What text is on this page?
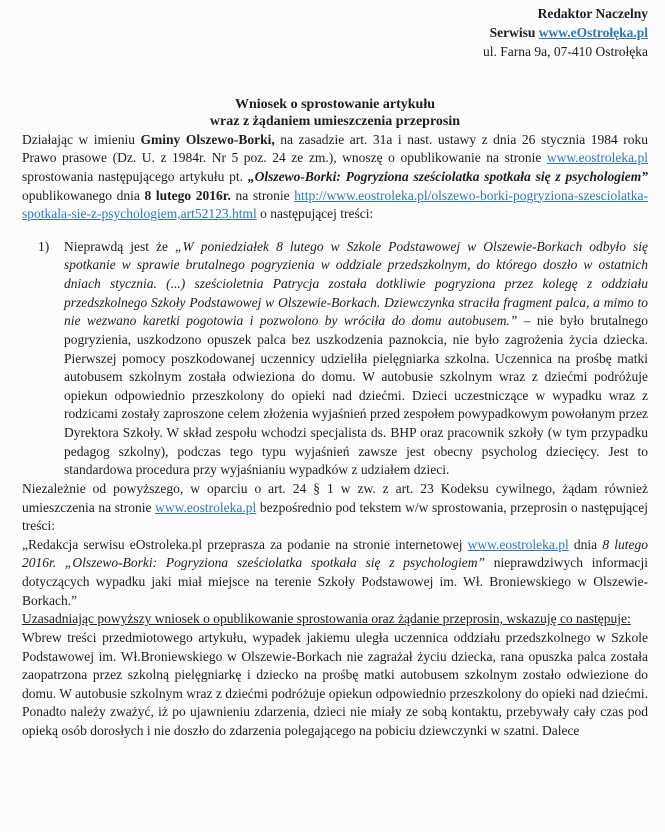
Redaktor Naczelny
Serwisu www.eOstrołęka.pl
ul. Farna 9a, 07-410 Ostrołęka
Wniosek o sprostowanie artykułu
wraz z żądaniem umieszczenia przeprosin

Działając w imieniu Gminy Olszewo-Borki, na zasadzie art. 31a i nast. ustawy z dnia 26 stycznia 1984 roku Prawo prasowe (Dz. U. z 1984r. Nr 5 poz. 24 ze zm.), wnoszę o opublikowanie na stronie www.eostroleka.pl sprostowania następującego artykułu pt. „Olszewo-Borki: Pogryziona sześciolatka spotkała się z psychologiem” opublikowanego dnia 8 lutego 2016r. na stronie http://www.eostroleka.pl/olszewo-borki-pogryziona-szesciolatka-spotkala-sie-z-psychologiem,art52123.html o następującej treści:

1)	Nieprawdą jest że „W poniedziałek 8 lutego w Szkole Podstawowej w Olszewie-Borkach odbyło się spotkanie w sprawie brutalnego pogryzienia w oddziale przedszkolnym, do którego doszło w ostatnich dniach stycznia. (...) sześcioletnia Patrycja została dotkliwie pogryziona przez kolegę z oddziału przedszkolnego Szkoły Podstawowej w Olszewie-Borkach. Dziewczynka straciła fragment palca, a mimo to nie wezwano karetki pogotowia i pozwolono by wróciła do domu autobusem.” – nie było brutalnego pogryzienia, uszkodzono opuszek palca bez uszkodzenia paznokcia, nie było zagrożenia życia dziecka. Pierwszej pomocy poszkodowanej uczennicy udzieliła pielęgniarka szkolna. Uczennica na prośbę matki autobusem szkolnym została odwieziona do domu. W autobusie szkolnym wraz z dziećmi podróżuje opiekun odpowiednio przeszkolony do opieki nad dziećmi. Dzieci uczestniczące w wypadku wraz z rodzicami zostały zaproszone celem złożenia wyjaśnień przed zespołem powypadkowym powołanym przez Dyrektora Szkoły. W skład zespołu wchodzi specjalista ds. BHP oraz pracownik szkoły (w tym przypadku pedagog szkolny), podczas tego typu wyjaśnień zawsze jest obecny psycholog dziecięcy. Jest to standardowa procedura przy wyjaśnianiu wypadków z udziałem dzieci.

Niezależnie od powyższego, w oparciu o art. 24 § 1 w zw. z art. 23 Kodeksu cywilnego, żądam również umieszczenia na stronie www.eostroleka.pl bezpośrednio pod tekstem w/w sprostowania, przeprosin o następującej treści:

„Redakcja serwisu eOstroleka.pl przeprasza za podanie na stronie internetowej www.eostroleka.pl dnia 8 lutego 2016r. „Olszewo-Borki: Pogryziona sześciolatka spotkała się z psychologiem” nieprawdziwych informacji dotyczących wypadku jaki miał miejsce na terenie Szkoły Podstawowej im. Wł. Broniewskiego w Olszewie-Borkach.”

Uzasadniając powyższy wniosek o opublikowanie sprostowania oraz żądanie przeprosin, wskazuję co następuje:

Wbrew treści przedmiotowego artykułu, wypadek jakiemu uległa uczennica oddziału przedszkolnego w Szkole Podstawowej im. Wł.Broniewskiego w Olszewie-Borkach nie zagrażał życiu dziecka, rana opuszka palca została zaopatrzona przez szkolną pielęgniarkę i dziecko na prośbę matki autobusem szkolnym zostało odwiezione do domu. W autobusie szkolnym wraz z dziećmi podróżuje opiekun odpowiednio przeszkolony do opieki nad dziećmi. Ponadto należy zważyć, iż po ujawnieniu zdarzenia, dzieci nie miały ze sobą kontaktu, przebywały cały czas pod opieką osób dorosłych i nie doszło do zdarzenia polegającego na pobiciu dziewczynki w szatni. Dalece
